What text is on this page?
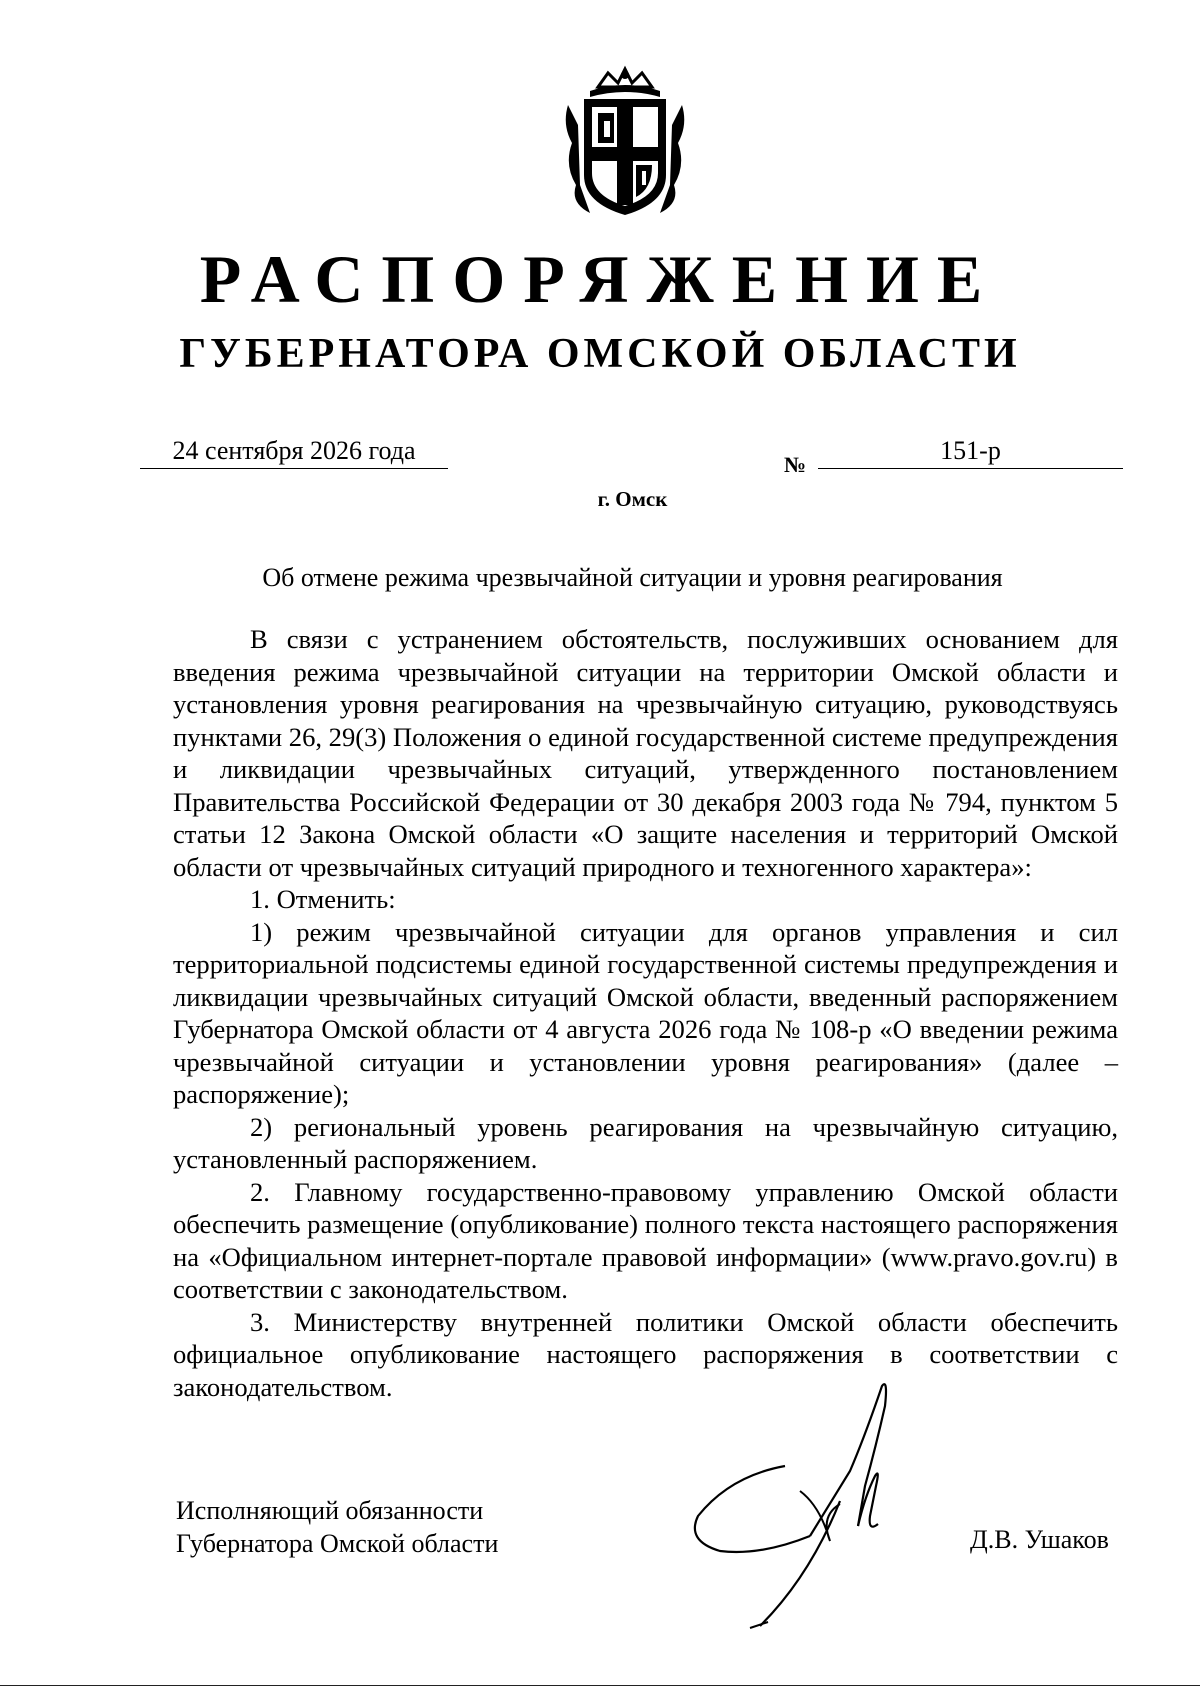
РАСПОРЯЖЕНИЕ
ГУБЕРНАТОРА ОМСКОЙ ОБЛАСТИ
24 сентября 2026 года	№	151-р
г. Омск
Об отмене режима чрезвычайной ситуации и уровня реагирования

В связи с устранением обстоятельств, послуживших основанием для введения режима чрезвычайной ситуации на территории Омской области и установления уровня реагирования на чрезвычайную ситуацию, руководствуясь пунктами 26, 29(3) Положения о единой государственной системе предупреждения и ликвидации чрезвычайных ситуаций, утвержденного постановлением Правительства Российской Федерации от 30 декабря 2003 года № 794, пунктом 5 статьи 12 Закона Омской области «О защите населения и территорий Омской области от чрезвычайных ситуаций природного и техногенного характера»:

1. Отменить:

1) режим чрезвычайной ситуации для органов управления и сил территориальной подсистемы единой государственной системы предупреждения и ликвидации чрезвычайных ситуаций Омской области, введенный распоряжением Губернатора Омской области от 4 августа 2026 года № 108-р «О введении режима чрезвычайной ситуации и установлении уровня реагирования» (далее – распоряжение);

2) региональный уровень реагирования на чрезвычайную ситуацию, установленный распоряжением.

2. Главному государственно-правовому управлению Омской области обеспечить размещение (опубликование) полного текста настоящего распоряжения на «Официальном интернет-портале правовой информации» (www.pravo.gov.ru) в соответствии с законодательством.

3. Министерству внутренней политики Омской области обеспечить официальное опубликование настоящего распоряжения в соответствии с законодательством.

Исполняющий обязанности
Губернатора Омской области	Д.В. Ушаков
